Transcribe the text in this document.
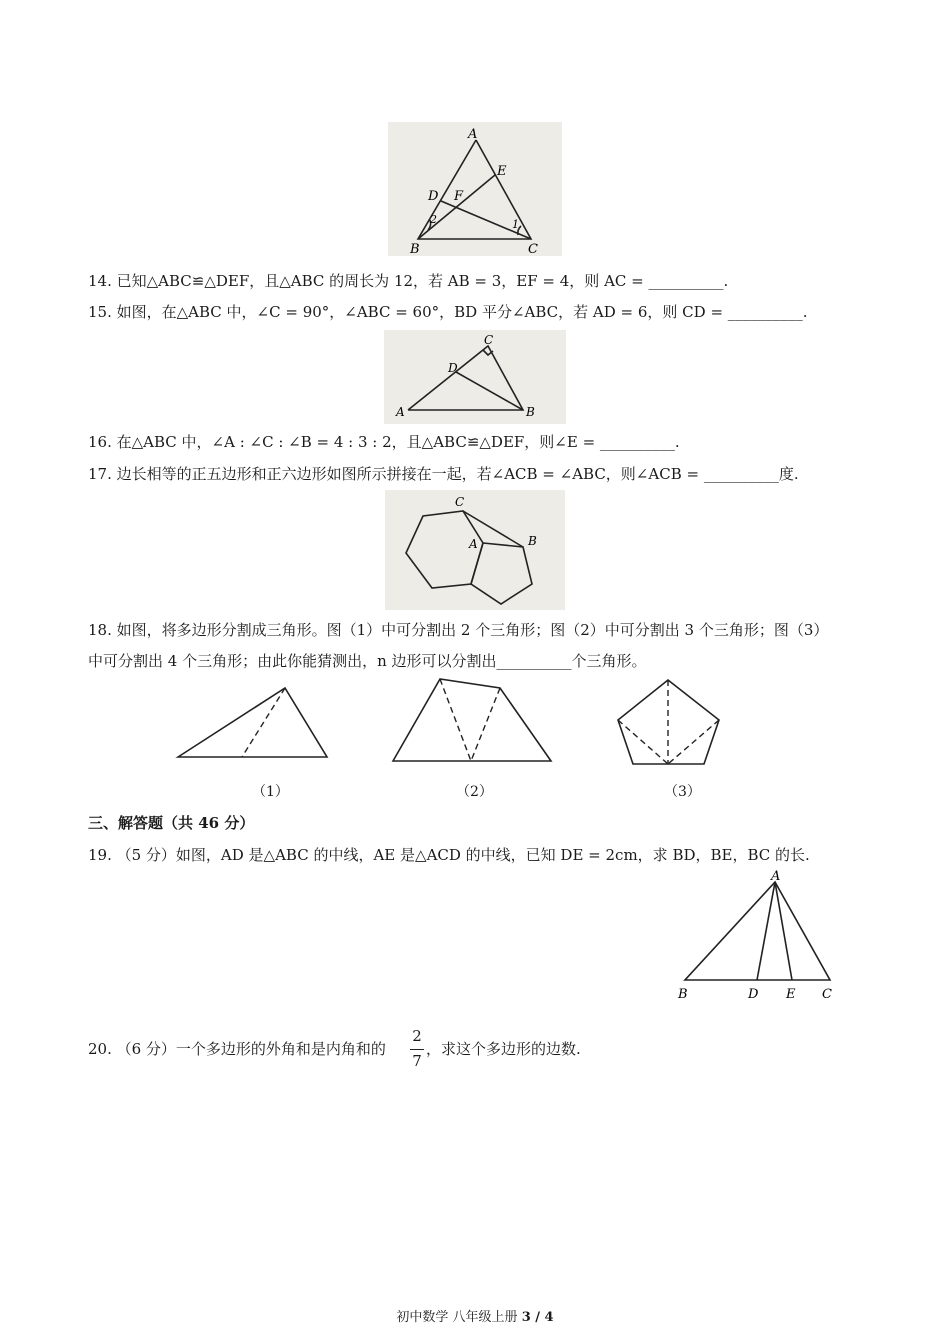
A
E
D F
2	1
B	C
14. 已知△ABC≌△DEF，且△ABC 的周长为 12，若 AB = 3，EF = 4，则 AC = __________.
15. 如图，在△ABC 中，∠C = 90°，∠ABC = 60°，BD 平分∠ABC，若 AD = 6，则 CD = __________.
C
D
A	B
16. 在△ABC 中，∠A : ∠C : ∠B = 4 : 3 : 2，且△ABC≌△DEF，则∠E = __________.
17. 边长相等的正五边形和正六边形如图所示拼接在一起，若∠ACB = ∠ABC，则∠ACB = __________度.
C
A	B
18. 如图，将多边形分割成三角形。图（1）中可分割出 2 个三角形；图（2）中可分割出 3 个三角形；图（3）
中可分割出 4 个三角形；由此你能猜测出，n 边形可以分割出__________个三角形。
（1）	（2）	（3）
三、解答题（共 46 分）
19. （5 分）如图，AD 是△ABC 的中线，AE 是△ACD 的中线，已知 DE = 2cm，求 BD，BE，BC 的长.
A
B	D E C
20. （6 分）一个多边形的外角和是内角和的
2
7
，求这个多边形的边数.
初中数学 八年级上册 3 / 4
